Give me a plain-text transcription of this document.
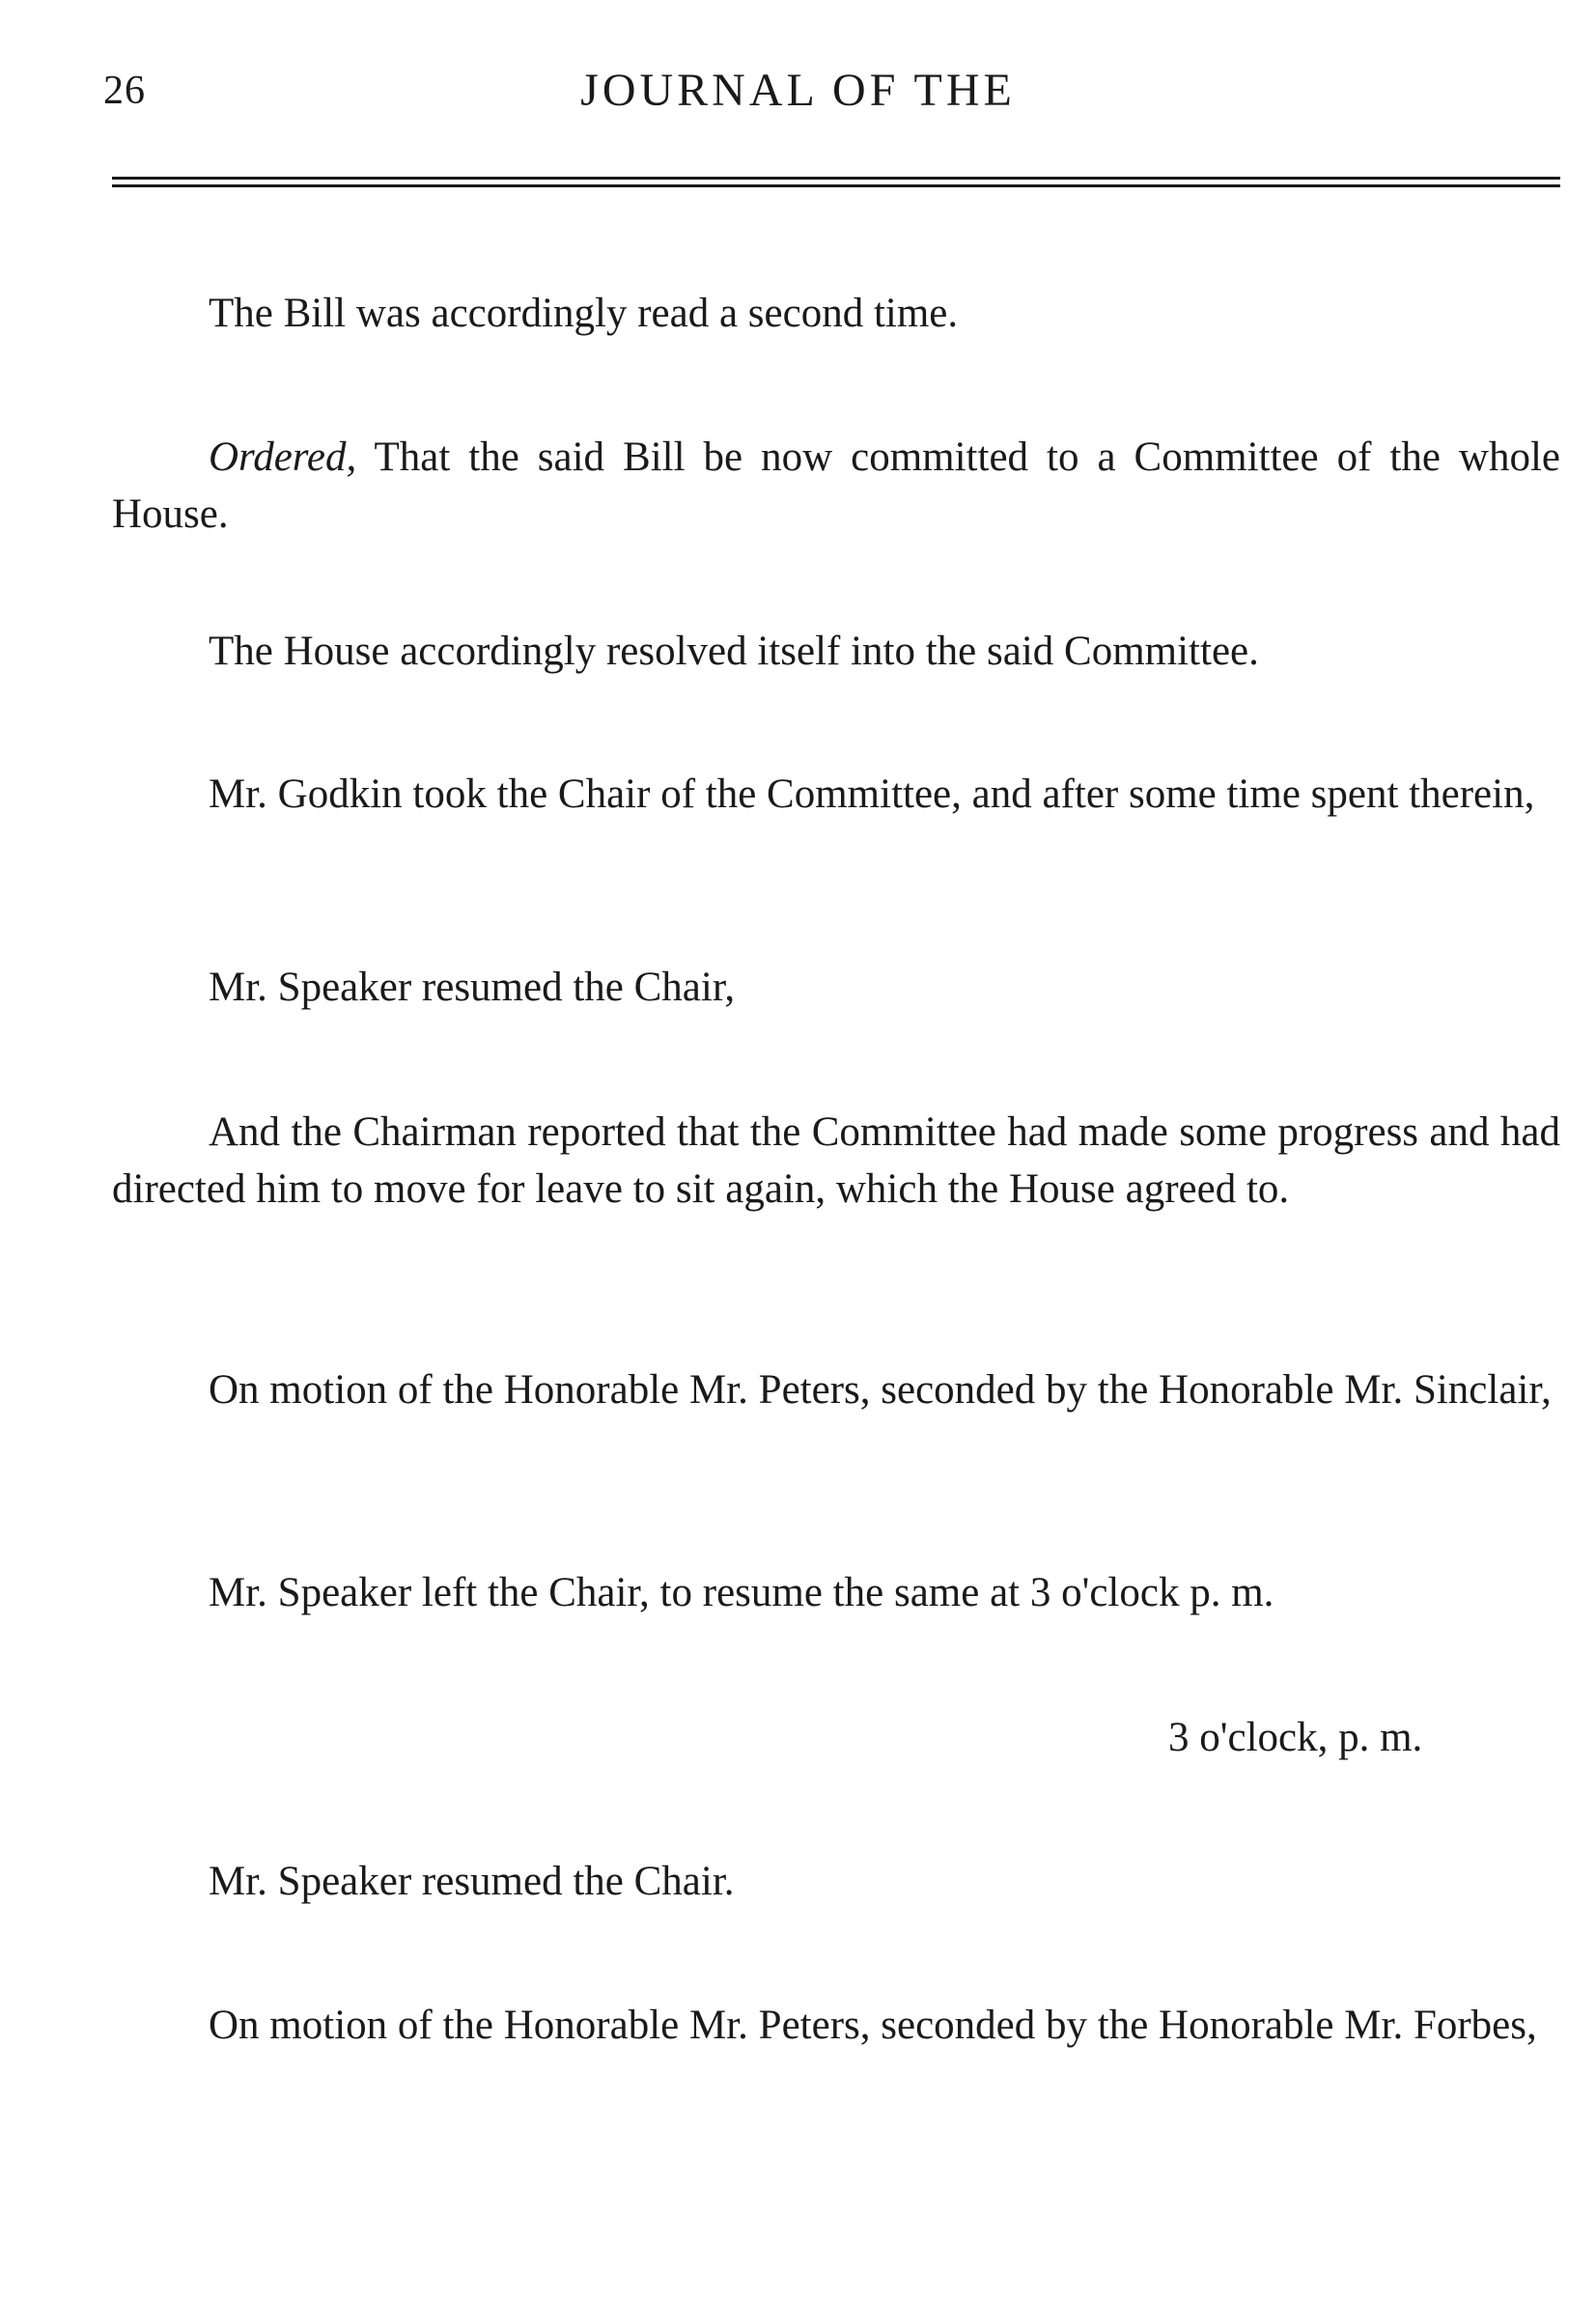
26	JOURNAL OF THE

The Bill was accordingly read a second time.

Ordered, That the said Bill be now committed to a Committee of the whole House.

The House accordingly resolved itself into the said Committee.

Mr. Godkin took the Chair of the Committee, and after some time spent therein,

Mr. Speaker resumed the Chair,

And the Chairman reported that the Committee had made some progress and had directed him to move for leave to sit again, which the House agreed to.

On motion of the Honorable Mr. Peters, seconded by the Honorable Mr. Sinclair,

Mr. Speaker left the Chair, to resume the same at 3 o'clock p. m.

3 o'clock, p. m.

Mr. Speaker resumed the Chair.

On motion of the Honorable Mr. Peters, seconded by the Honorable Mr. Forbes,
